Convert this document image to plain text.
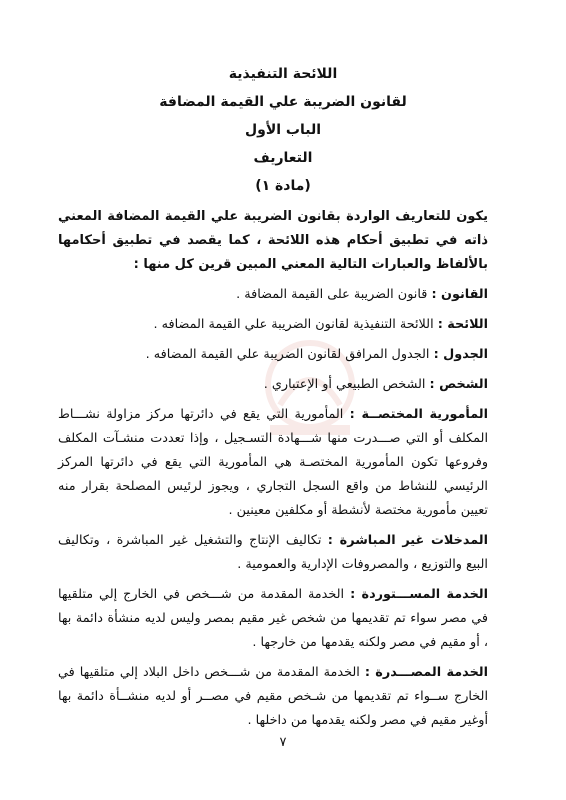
اللائحة التنفيذية
لقانون الضريبة علي القيمة المضافة
الباب الأول
التعاريف
(مادة ١)

يكون للتعاريف الواردة بقانون الضريبة علي القيمة المضافة المعني ذاته في تطبيق أحكام هذه اللائحة ، كما يقصد في تطبيق أحكامها بالألفاظ والعبارات التالية المعني المبين قرين كل منها :

القانون : قانون الضريبة على القيمة المضافة .

اللائحة : اللائحة التنفيذية لقانون الضريبة علي القيمة المضافه .

الجدول : الجدول المرافق لقانون الضريبة علي القيمة المضافه .

الشخص : الشخص الطبيعي أو الإعتباري .

المأمورية المختصــة : المأمورية التي يقع في دائرتها مركز مزاولة نشـــاط المكلف أو التي صـــدرت منها شـــهادة التسـجيل ، وإذا تعددت منشـآت المكلف وفروعها تكون المأمورية المختصـة هي المأمورية التي يقع في دائرتها المركز الرئيسي للنشاط من واقع السجل التجاري ، ويجوز لرئيس المصلحة بقرار منه تعيين مأمورية مختصة لأنشطة أو مكلفين معينين .

المدخلات غير المباشرة : تكاليف الإنتاج والتشغيل غير المباشرة ، وتكاليف البيع والتوزيع ، والمصروفات الإدارية والعمومية .

الخدمة المســـتوردة : الخدمة المقدمة من شـــخص في الخارج إلي متلقيها في مصر سواء تم تقديمها من شخص غير مقيم بمصر وليس لديه منشأة دائمة بها ، أو مقيم في مصر ولكنه يقدمها من خارجها .

الخدمة المصـــدرة : الخدمة المقدمة من شـــخص داخل البلاد إلي متلقيها في الخارج ســواء تم تقديمها من شـخص مقيم في مصــر أو لديه منشــأة دائمة بها أوغير مقيم في مصر ولكنه يقدمها من داخلها .

٧
